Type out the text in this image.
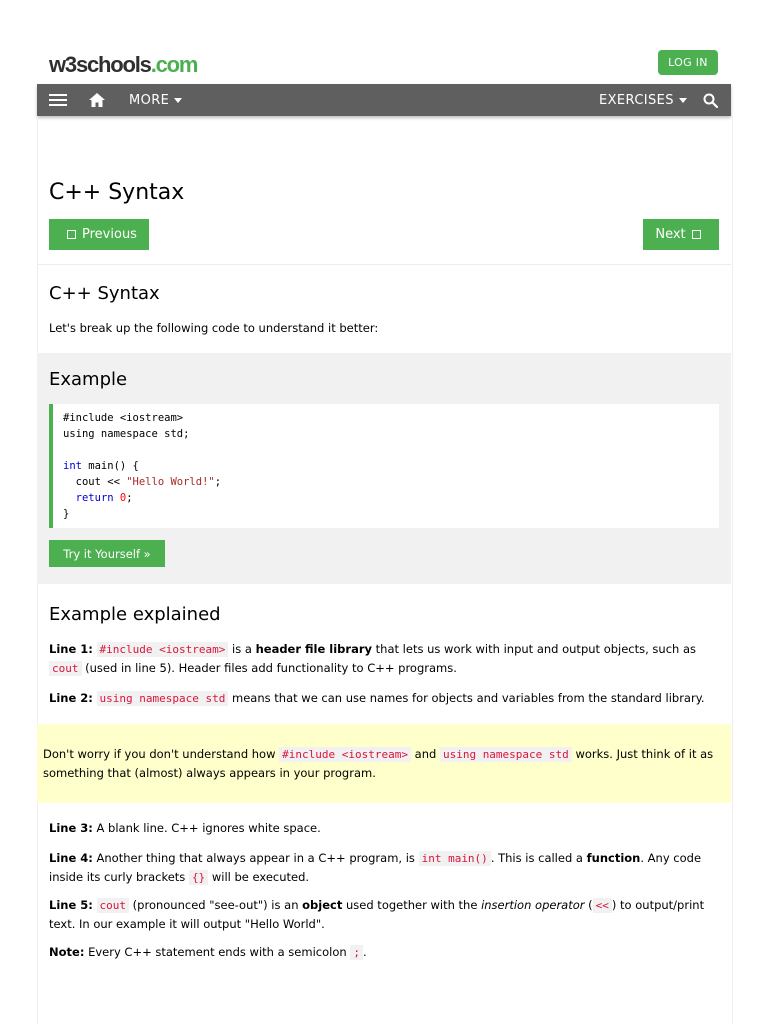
w3schools.com	LOG IN
MORE	EXERCISES
C++ Syntax
Previous	Next
C++ Syntax
Let's break up the following code to understand it better:
Example
#include <iostream>
using namespace std;

int main() {
cout << "Hello World!";
return 0;
}
Try it Yourself »
Example explained
Line 1: #include <iostream> is a header file library that lets us work with input and output objects, such as cout (used in line 5). Header files add functionality to C++ programs.
Line 2: using namespace std means that we can use names for objects and variables from the standard library.
Don't worry if you don't understand how #include <iostream> and using namespace std works. Just think of it as something that (almost) always appears in your program.
Line 3: A blank line. C++ ignores white space.
Line 4: Another thing that always appear in a C++ program, is int main() . This is called a function. Any code inside its curly brackets {} will be executed.
Line 5: cout (pronounced "see-out") is an object used together with the insertion operator ( << ) to output/print text. In our example it will output "Hello World".
Note: Every C++ statement ends with a semicolon ; .
